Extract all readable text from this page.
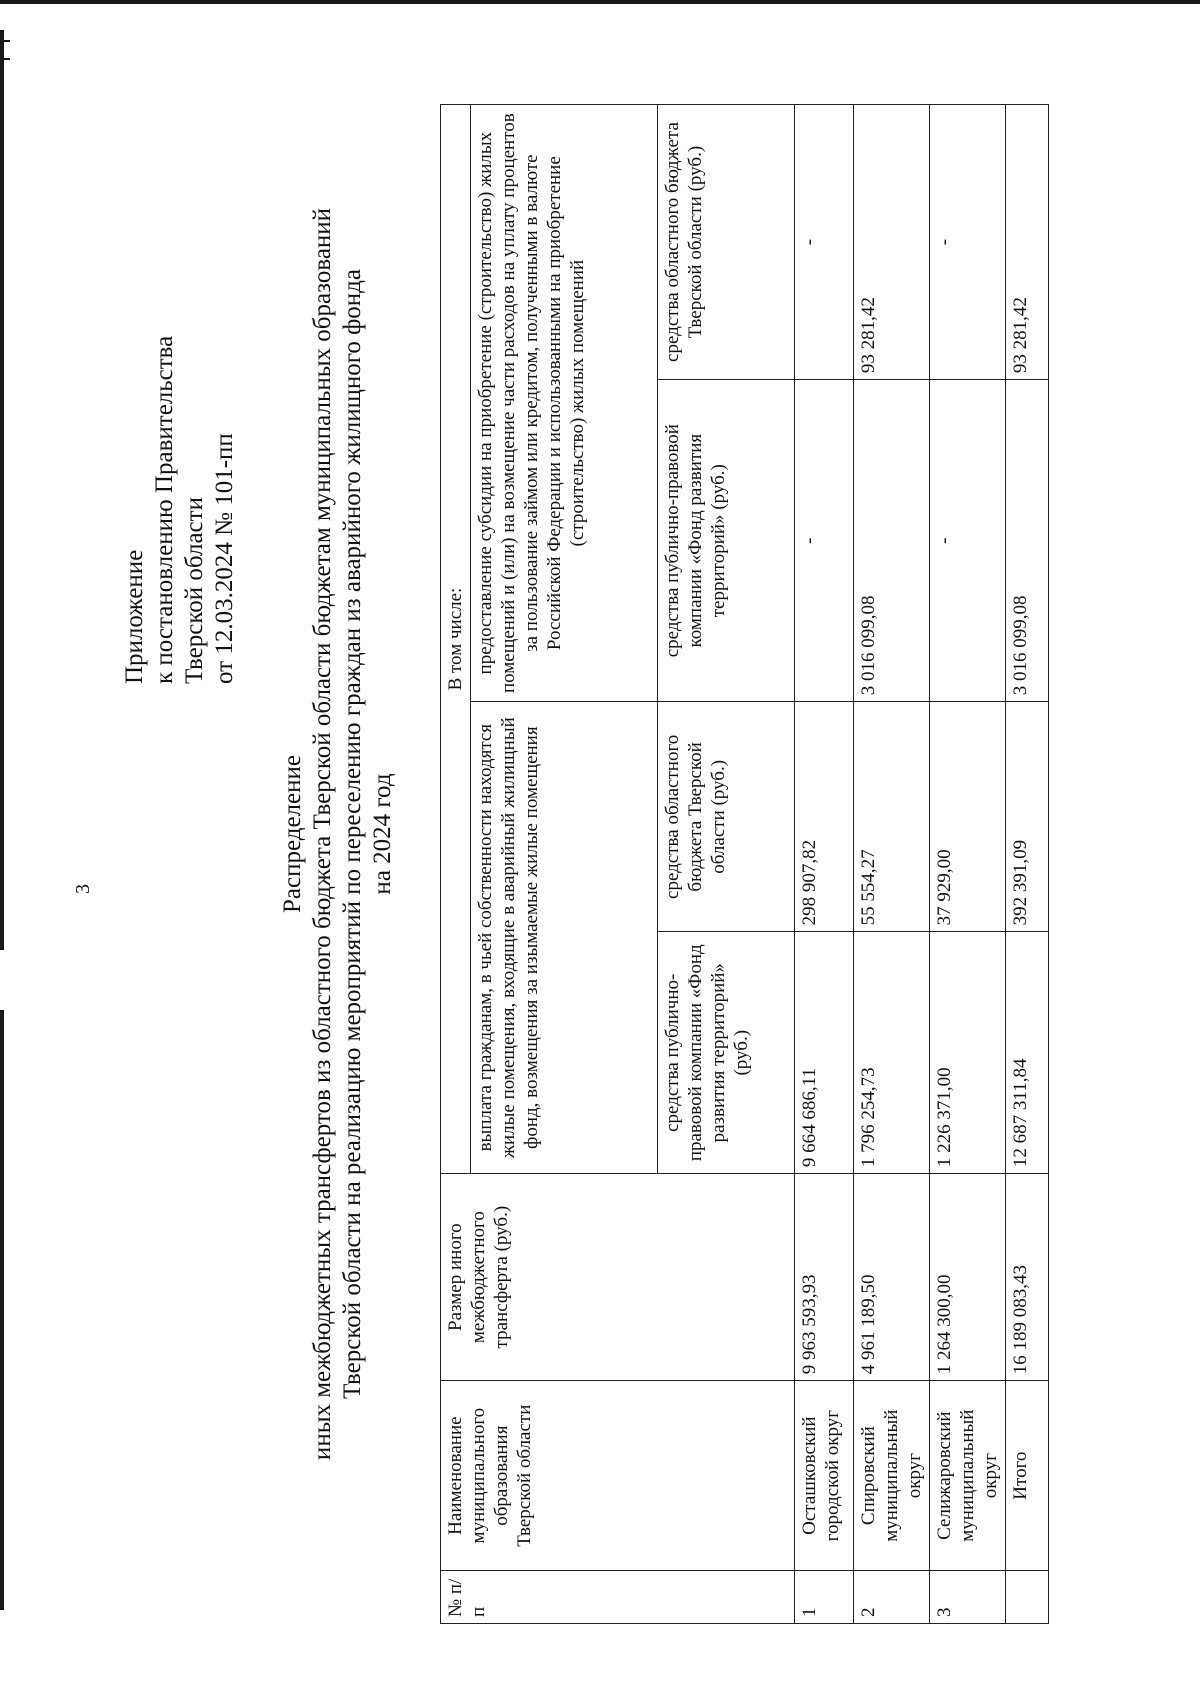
3
Приложение к постановлению Правительства Тверской области от 12.03.2024 № 101-пп
Распределение иных межбюджетных трансфертов из областного бюджета Тверской области бюджетам муниципальных образований Тверской области на реализацию мероприятий по переселению граждан из аварийного жилищного фонда на 2024 год
№ п/п	Наименование муниципального образования Тверской области	Размер иного межбюджетного трансферта (руб.)	В том числе:			
			выплата гражданам, в чьей собственности находятся жилые помещения, входящие в аварийный жилищный фонд, возмещения за изымаемые жилые помещения		предоставление субсидии на приобретение (строительство) жилых помещений и (или) на возмещение части расходов на уплату процентов за пользование займом или кредитом, полученными в валюте Российской Федерации и использованными на приобретение (строительство) жилых помещений	
			средства публично-правовой компании «Фонд развития территорий» (руб.)	средства областного бюджета Тверской области (руб.)	средства публично-правовой компании «Фонд развития территорий» (руб.)	средства областного бюджета Тверской области (руб.)
1	Осташковский городской округ	9 963 593,93	9 664 686,11	298 907,82	-	-
2	Спировский муниципальный округ	4 961 189,50	1 796 254,73	55 554,27	3 016 099,08	93 281,42
3	Селижаровский муниципальный округ	1 264 300,00	1 226 371,00	37 929,00	-	-
	Итого	16 189 083,43	12 687 311,84	392 391,09	3 016 099,08	93 281,42
